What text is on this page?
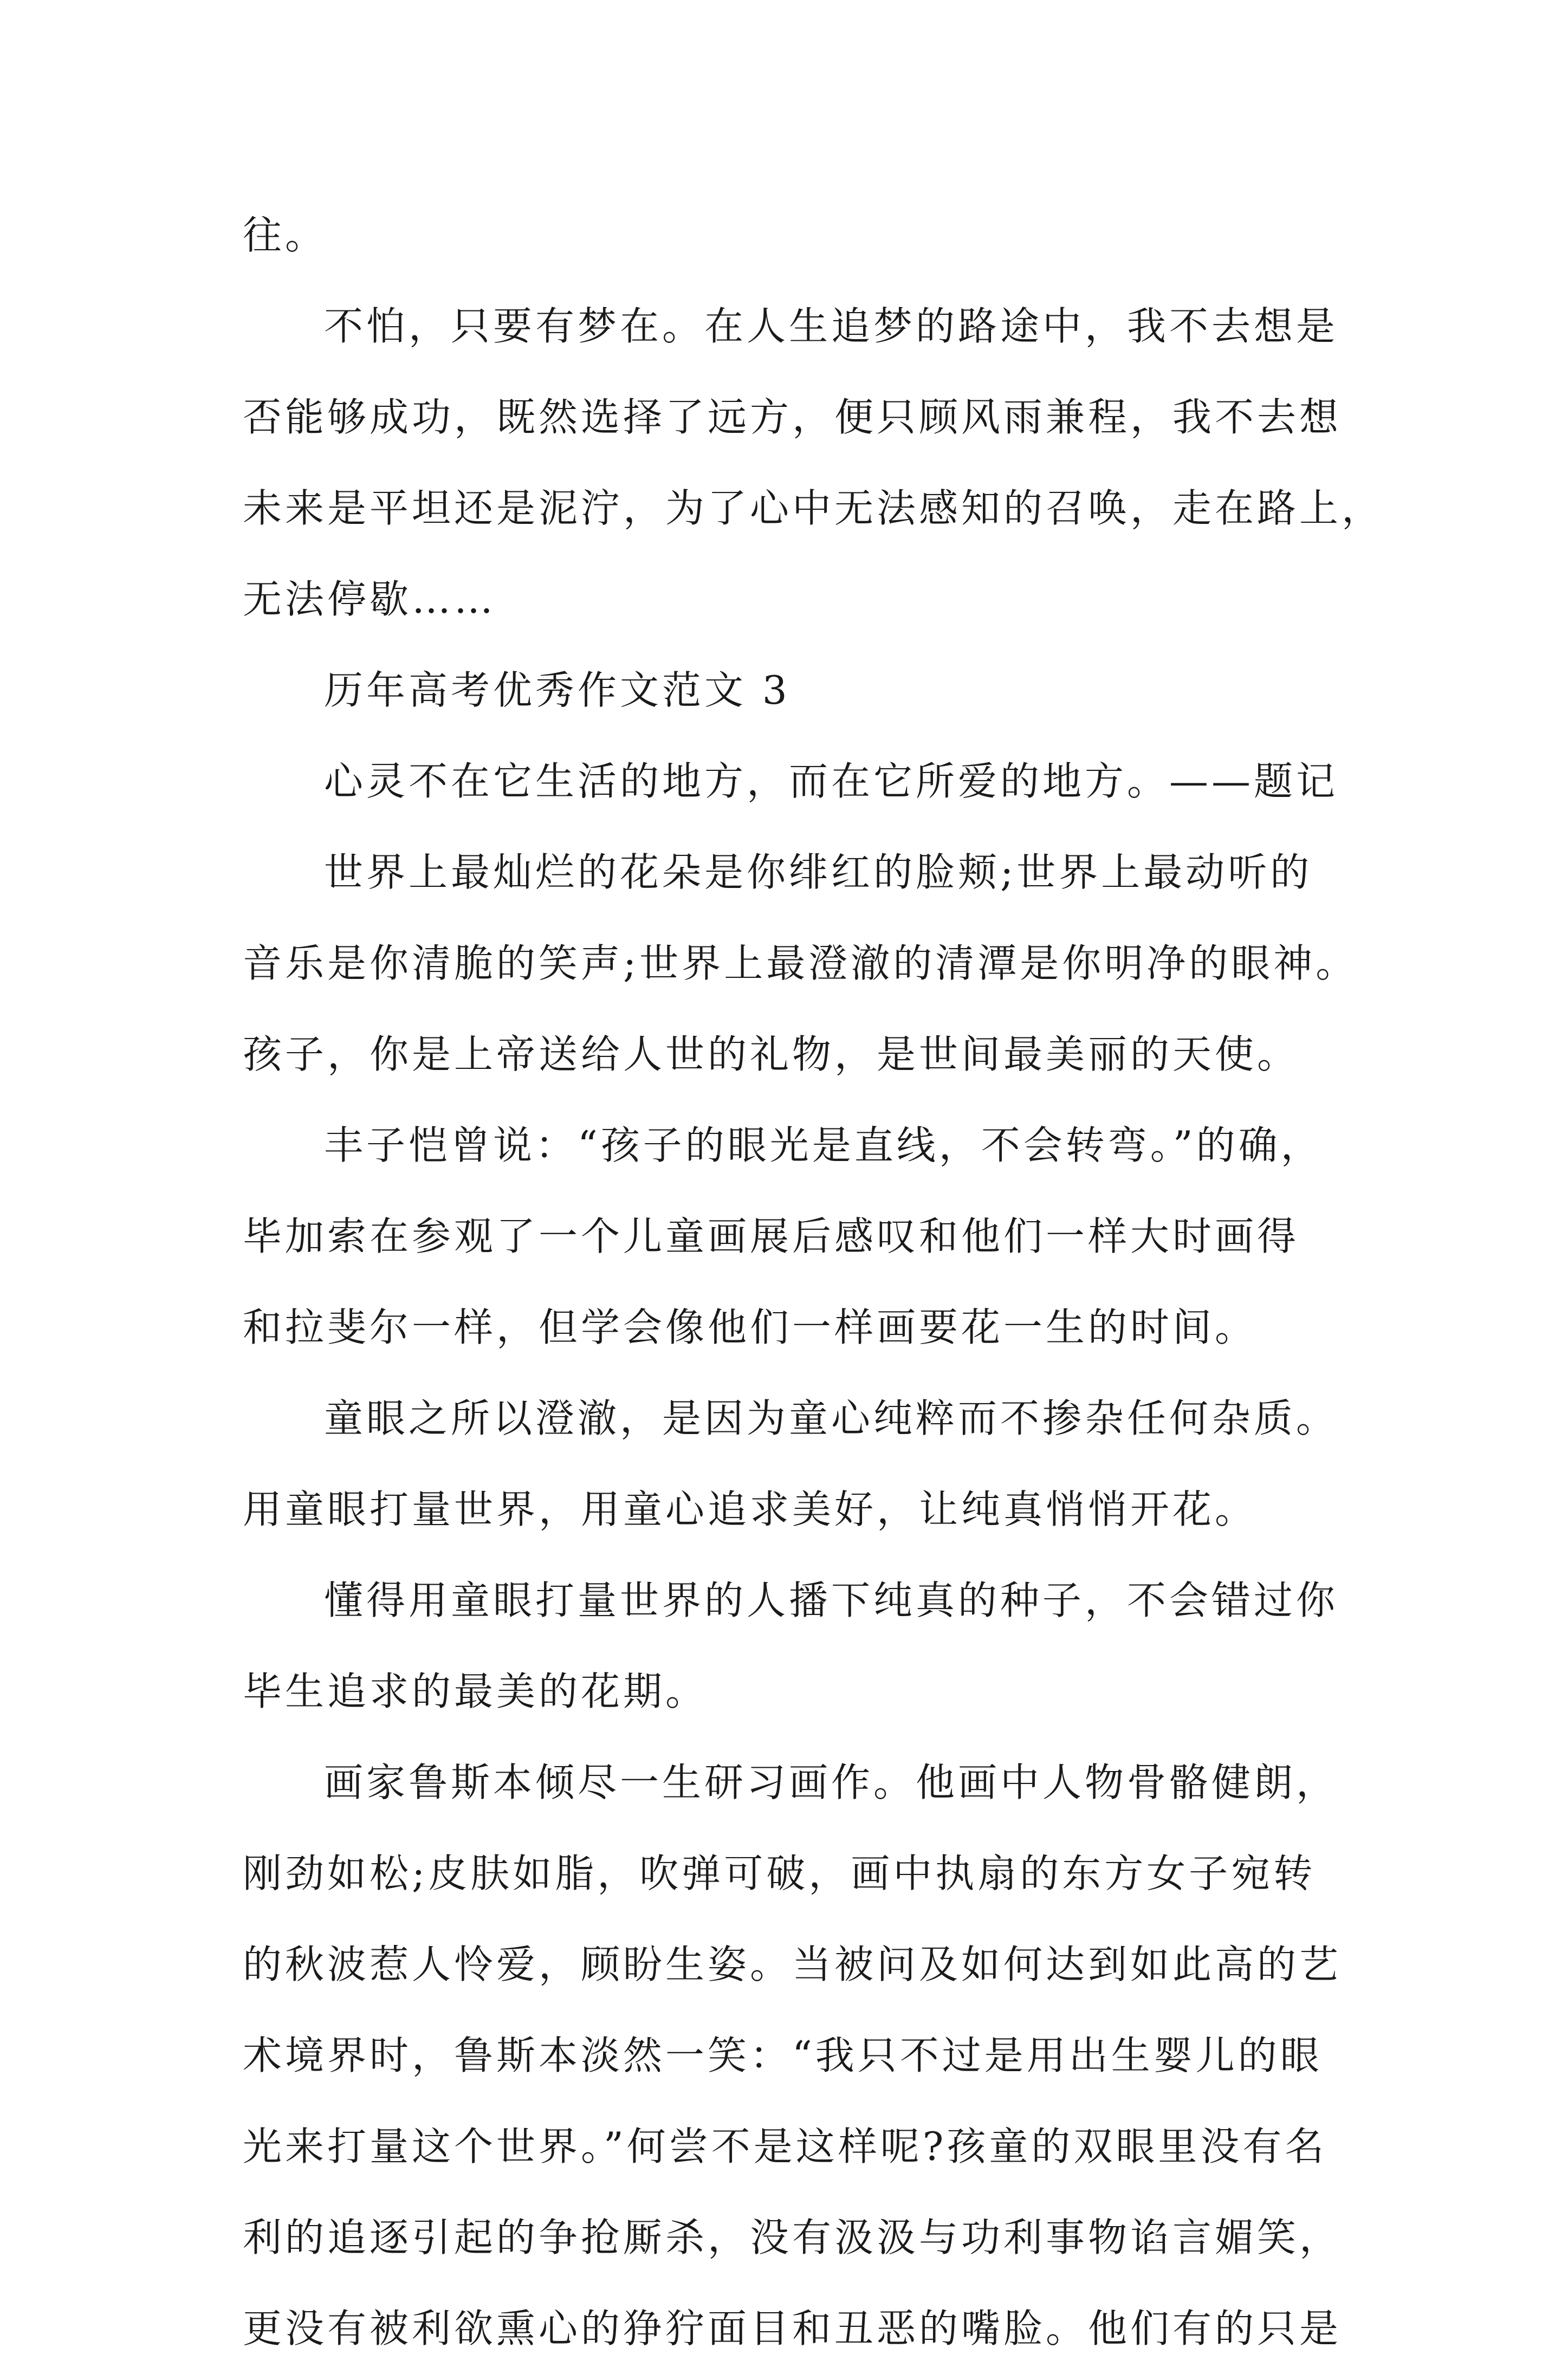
往。
不怕，只要有梦在。在人生追梦的路途中，我不去想是
否能够成功，既然选择了远方，便只顾风雨兼程，我不去想
未来是平坦还是泥泞，为了心中无法感知的召唤，走在路上，
无法停歇……
历年高考优秀作文范文 3
心灵不在它生活的地方，而在它所爱的地方。——题记
世界上最灿烂的花朵是你绯红的脸颊;世界上最动听的
音乐是你清脆的笑声;世界上最澄澈的清潭是你明净的眼神。
孩子，你是上帝送给人世的礼物，是世间最美丽的天使。
丰子恺曾说：“孩子的眼光是直线，不会转弯。”的确，
毕加索在参观了一个儿童画展后感叹和他们一样大时画得
和拉斐尔一样，但学会像他们一样画要花一生的时间。
童眼之所以澄澈，是因为童心纯粹而不掺杂任何杂质。
用童眼打量世界，用童心追求美好，让纯真悄悄开花。
懂得用童眼打量世界的人播下纯真的种子，不会错过你
毕生追求的最美的花期。
画家鲁斯本倾尽一生研习画作。他画中人物骨骼健朗，
刚劲如松;皮肤如脂，吹弹可破，画中执扇的东方女子宛转
的秋波惹人怜爱，顾盼生姿。当被问及如何达到如此高的艺
术境界时，鲁斯本淡然一笑：“我只不过是用出生婴儿的眼
光来打量这个世界。”何尝不是这样呢?孩童的双眼里没有名
利的追逐引起的争抢厮杀，没有汲汲与功利事物谄言媚笑，
更没有被利欲熏心的狰狞面目和丑恶的嘴脸。他们有的只是
